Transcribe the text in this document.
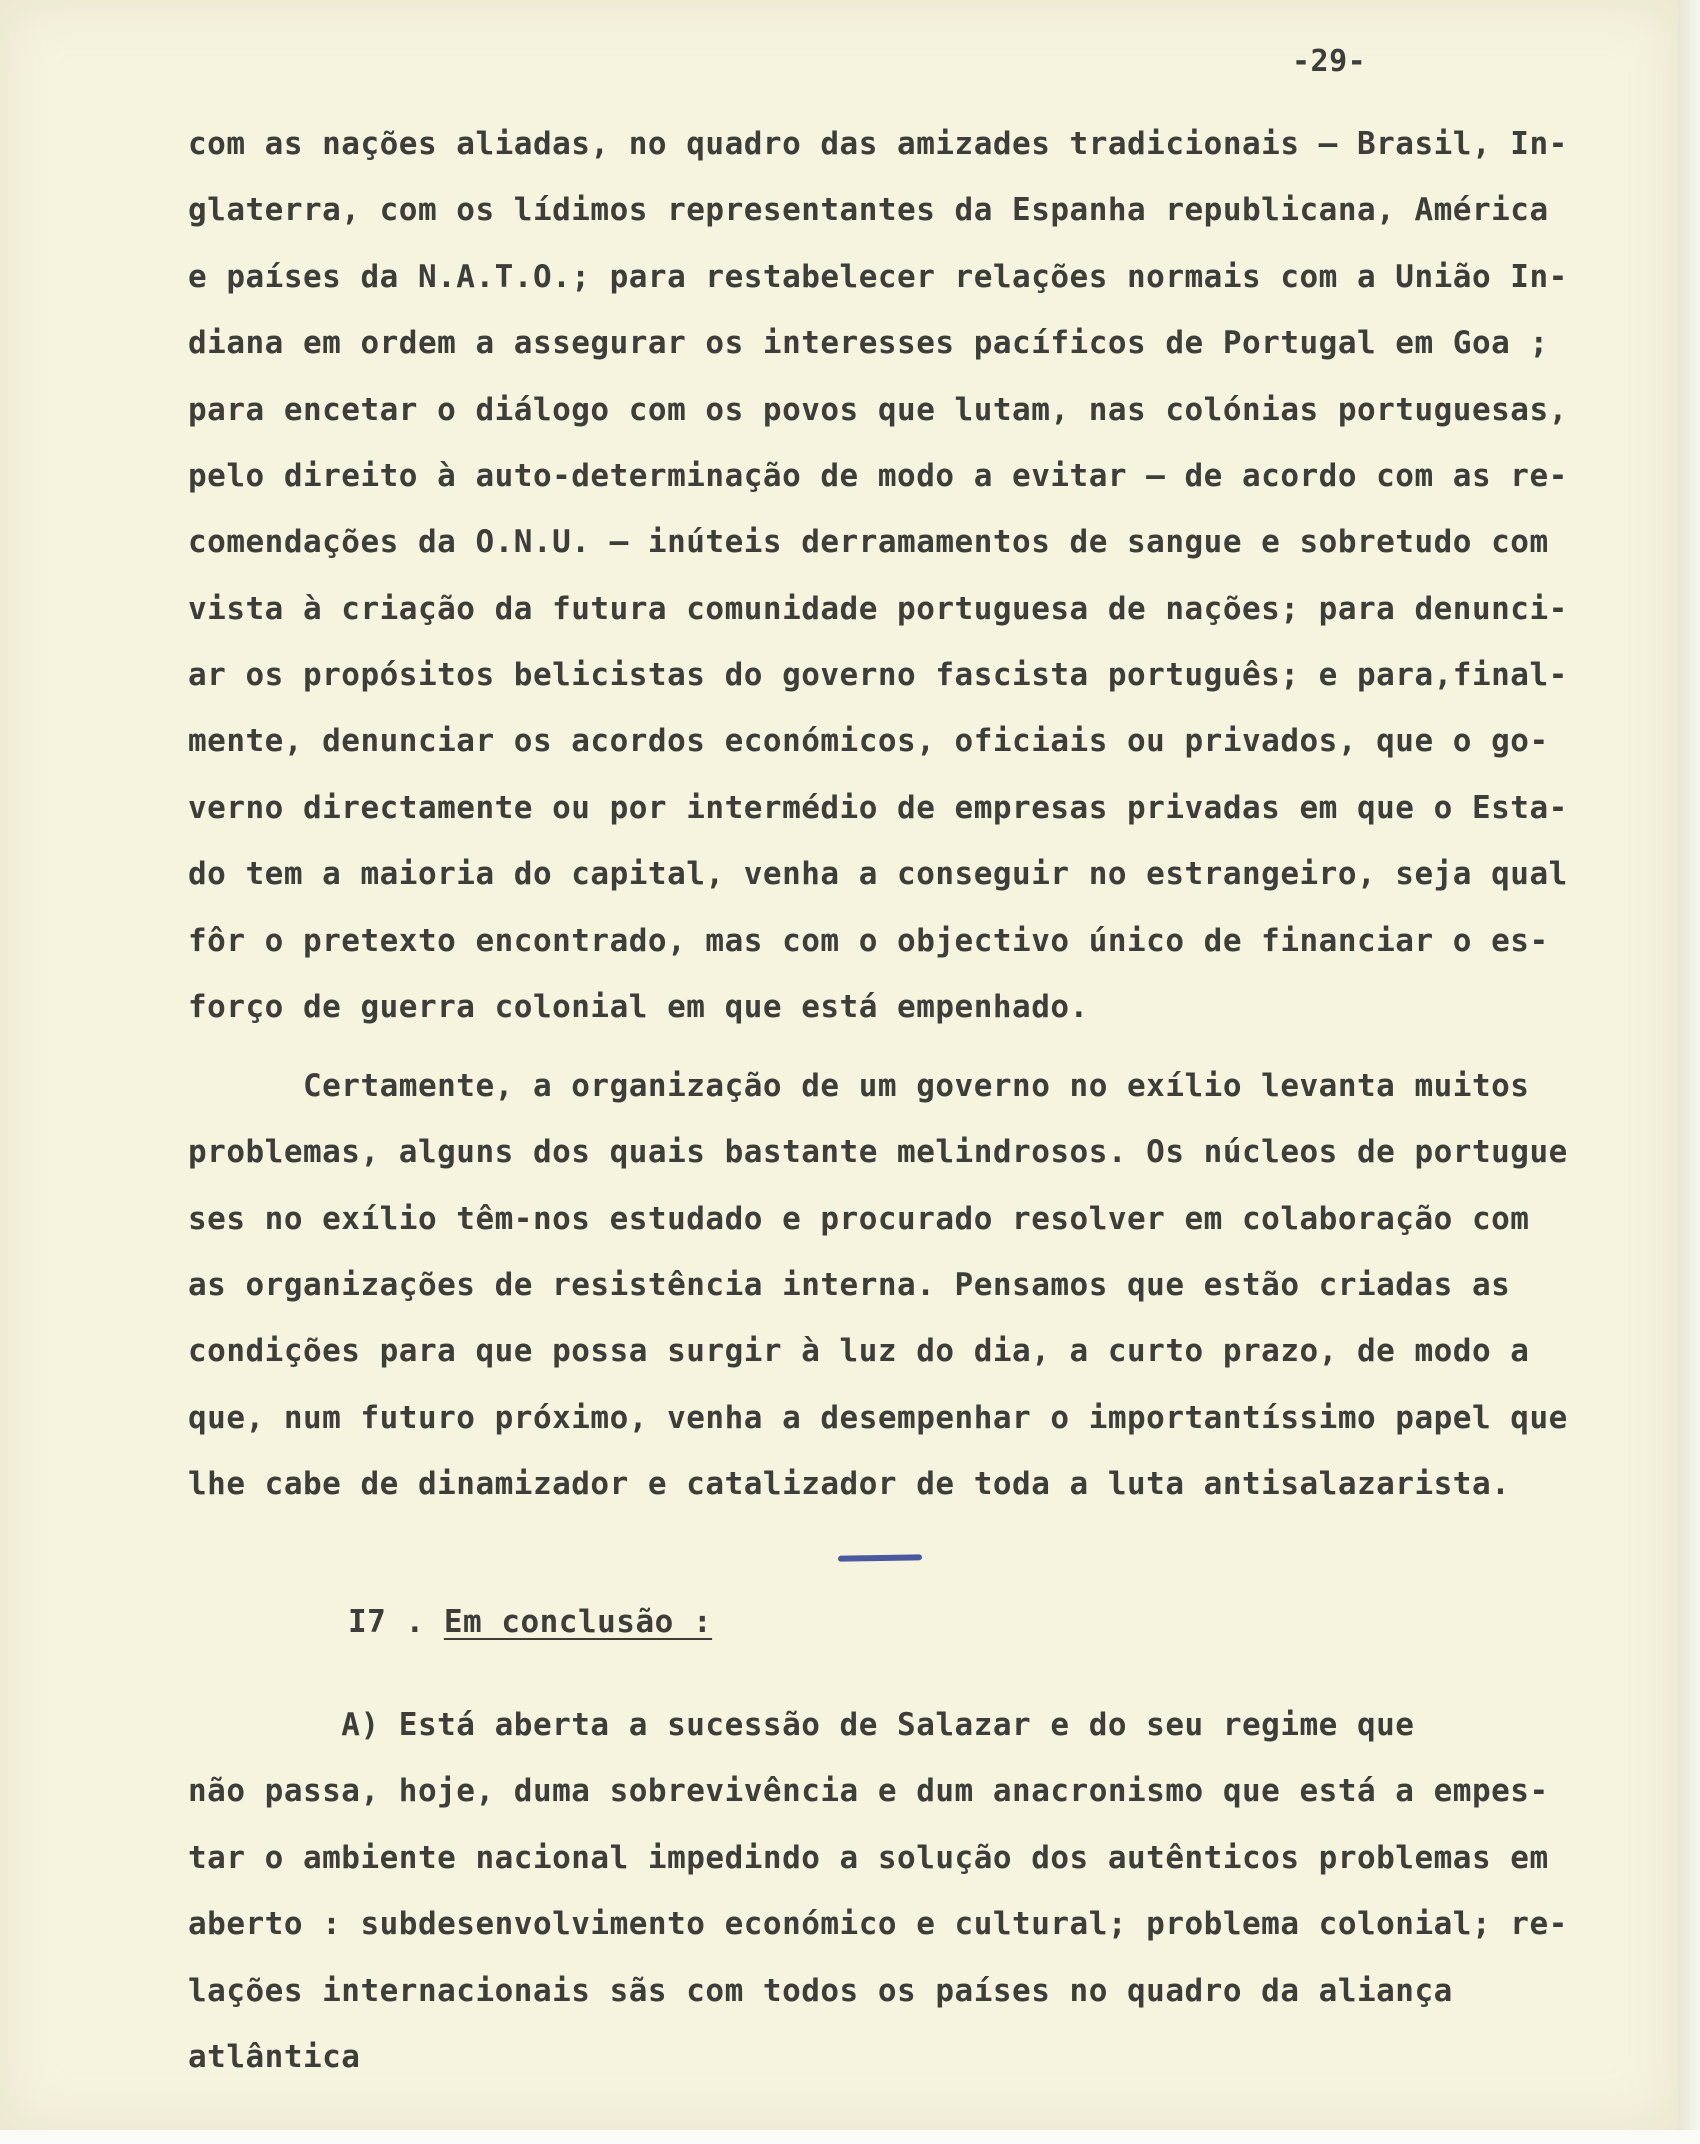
-29-

com as nações aliadas, no quadro das amizades tradicionais — Brasil, In-

glaterra, com os lídimos representantes da Espanha republicana, América

e países da N.A.T.O.; para restabelecer relações normais com a União In-

diana em ordem a assegurar os interesses pacíficos de Portugal em Goa ;

para encetar o diálogo com os povos que lutam, nas colónias portuguesas,

pelo direito à auto-determinação de modo a evitar — de acordo com as re-

comendações da O.N.U. — inúteis derramamentos de sangue e sobretudo com

vista à criação da futura comunidade portuguesa de nações; para denunci-

ar os propósitos belicistas do governo fascista português; e para,final-

mente, denunciar os acordos económicos, oficiais ou privados, que o go-

verno directamente ou por intermédio de empresas privadas em que o Esta-

do tem a maioria do capital, venha a conseguir no estrangeiro, seja qual

fôr o pretexto encontrado, mas com o objectivo único de financiar o es-

forço de guerra colonial em que está empenhado.

Certamente, a organização de um governo no exílio levanta muitos

problemas, alguns dos quais bastante melindrosos. Os núcleos de portugue

ses no exílio têm-nos estudado e procurado resolver em colaboração com

as organizações de resistência interna. Pensamos que estão criadas as

condições para que possa surgir à luz do dia, a curto prazo, de modo a

que, num futuro próximo, venha a desempenhar o importantíssimo papel que

lhe cabe de dinamizador e catalizador de toda a luta antisalazarista.

I7 . Em conclusão :

A) Está aberta a sucessão de Salazar e do seu regime que

não passa, hoje, duma sobrevivência e dum anacronismo que está a empes-

tar o ambiente nacional impedindo a solução dos autênticos problemas em

aberto : subdesenvolvimento económico e cultural; problema colonial; re-

lações internacionais sãs com todos os países no quadro da aliança

atlântica
